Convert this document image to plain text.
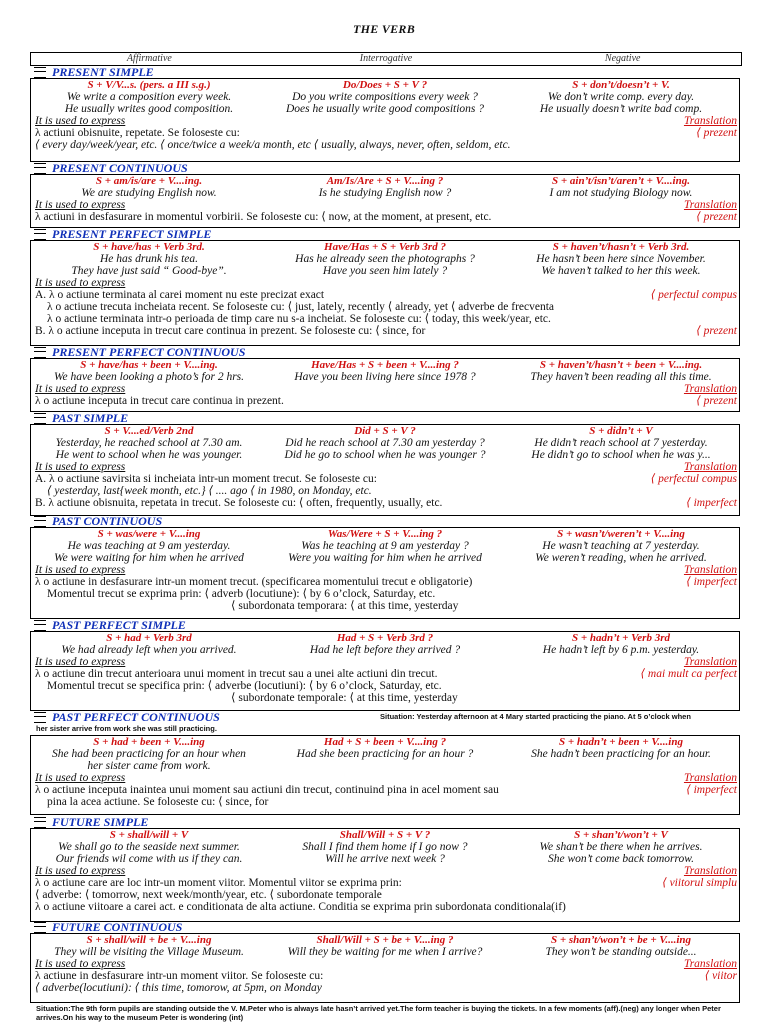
THE VERB
Affirmative	Interrogative	Negative
PRESENT SIMPLE
S + V/V...s. (pers. a III s.g.)	Do/Does + S + V ?	S + don’t/doesn’t + V.
We write a composition every week.	Do you write compositions every week ?	We don’t write comp. every day.
He usually writes good composition.	Does he usually write good compositions ?	He usually doesn’t write bad comp.
It is used to express	Translation
λ actiuni obisnuite, repetate. Se foloseste cu:	⟨ prezent
⟨ every day/week/year, etc. ⟨ once/twice a week/a month, etc ⟨ usually, always, never, often, seldom, etc.
PRESENT CONTINUOUS
S + am/is/are + V....ing.	Am/Is/Are + S + V....ing ?	S + ain’t/isn’t/aren’t + V....ing.
We are studying English now.	Is he studying English now ?	I am not studying Biology now.
It is used to express	Translation
λ actiuni in desfasurare in momentul vorbirii. Se foloseste cu: ⟨ now, at the moment, at present, etc.	⟨ prezent
PRESENT PERFECT SIMPLE
S + have/has + Verb 3rd.	Have/Has + S + Verb 3rd ?	S + haven’t/hasn’t + Verb 3rd.
He has drunk his tea.	Has he already seen the photographs ?	He hasn’t been here since November.
They have just said “ Good-bye”.	Have you seen him lately ?	We haven’t talked to her this week.
It is used to express
A. λ o actiune terminata al carei moment nu este precizat exact	⟨ perfectul compus
λ o actiune trecuta incheiata recent. Se foloseste cu: ⟨ just, lately, recently ⟨ already, yet ⟨ adverbe de frecventa
λ o actiune terminata intr-o perioada de timp care nu s-a incheiat. Se foloseste cu: ⟨ today, this week/year, etc.
B. λ o actiune inceputa in trecut care continua in prezent. Se foloseste cu: ⟨ since, for	⟨ prezent
PRESENT PERFECT CONTINUOUS
S + have/has + been + V....ing.	Have/Has + S + been + V....ing ?	S + haven’t/hasn’t + been + V....ing.
We have been looking a photo’s for 2 hrs.	Have you been living here since 1978 ?	They haven’t been reading all this time.
It is used to express	Translation
λ o actiune inceputa in trecut care continua in prezent.	⟨ prezent
PAST SIMPLE
S + V....ed/Verb 2nd	Did + S + V ?	S + didn’t + V
Yesterday, he reached school at 7.30 am.	Did he reach school at 7.30 am yesterday ?	He didn’t reach school at 7 yesterday.
He went to school when he was younger.	Did he go to school when he was younger ?	He didn’t go to school when he was y...
It is used to express	Translation
A. λ o actiune savirsita si incheiata intr-un moment trecut. Se foloseste cu:	⟨ perfectul compus
⟨ yesterday, last{week month, etc.} ⟨ .... ago ⟨ in 1980, on Monday, etc.
B. λ actiune obisnuita, repetata in trecut. Se foloseste cu: ⟨ often, frequently, usually, etc.	⟨ imperfect
PAST CONTINUOUS
S + was/were + V....ing	Was/Were + S + V....ing ?	S + wasn’t/weren’t + V....ing
He was teaching at 9 am yesterday.	Was he teaching at 9 am yesterday ?	He wasn’t teaching at 7 yesterday.
We were waiting for him when he arrived	Were you waiting for him when he arrived	We weren’t reading, when he arrived.
It is used to express	Translation
λ o actiune in desfasurare intr-un moment trecut. (specificarea momentului trecut e obligatorie)	⟨ imperfect
Momentul trecut se exprima prin: ⟨ adverb (locutiune): ⟨ by 6 o’clock, Saturday, etc.
⟨ subordonata temporara: ⟨ at this time, yesterday
PAST PERFECT SIMPLE
S + had + Verb 3rd	Had + S + Verb 3rd ?	S + hadn’t + Verb 3rd
We had already left when you arrived.	Had he left before they arrived ?	He hadn’t left by 6 p.m. yesterday.
It is used to express	Translation
λ o actiune din trecut anterioara unui moment in trecut sau a unei alte actiuni din trecut.	⟨ mai mult ca perfect
Momentul trecut se specifica prin: ⟨ adverbe (locutiuni): ⟨ by 6 o’clock, Saturday, etc.
⟨ subordonate temporale: ⟨ at this time, yesterday
PAST PERFECT CONTINUOUS	Situation: Yesterday afternoon at 4 Mary started practicing the piano. At 5 o’clock when
her sister arrive from work she was still practicing.
S + had + been + V....ing	Had + S + been + V....ing ?	S + hadn’t + been + V....ing
She had been practicing for an hour when	Had she been practicing for an hour ?	She hadn’t been practicing for an hour.
her sister came from work.
It is used to express	Translation
λ o actiune inceputa inaintea unui moment sau actiuni din trecut, continuind pina in acel moment sau	⟨ imperfect
pina la acea actiune. Se foloseste cu: ⟨ since, for
FUTURE SIMPLE
S + shall/will + V	Shall/Will + S + V ?	S + shan’t/won’t + V
We shall go to the seaside next summer.	Shall I find them home if I go now ?	We shan’t be there when he arrives.
Our friends wil come with us if they can.	Will he arrive next week ?	She won’t come back tomorrow.
It is used to express	Translation
λ o actiune care are loc intr-un moment viitor. Momentul viitor se exprima prin:	⟨ viitorul simplu
⟨ adverbe: ⟨ tomorrow, next week/month/year, etc. ⟨ subordonate temporale
λ o actiune viitoare a carei act. e conditionata de alta actiune. Conditia se exprima prin subordonata conditionala(if)
FUTURE CONTINUOUS
S + shall/will + be + V....ing	Shall/Will + S + be + V....ing ?	S + shan’t/won’t + be + V....ing
They will be visiting the Village Museum.	Will they be waiting for me when I arrive?	They won’t be standing outside...
It is used to express	Translation
λ actiune in desfasurare intr-un moment viitor. Se foloseste cu:	⟨ viitor
⟨ adverbe(locutiuni): ⟨ this time, tomorow, at 5pm, on Monday
Situation:The 9th form pupils are standing outside the V. M.Peter who is always late hasn’t arrived yet.The form teacher is buying the tickets. In a few moments (aff).(neg) any longer when Peter arrives.On his way to the museum Peter is wondering (int)
